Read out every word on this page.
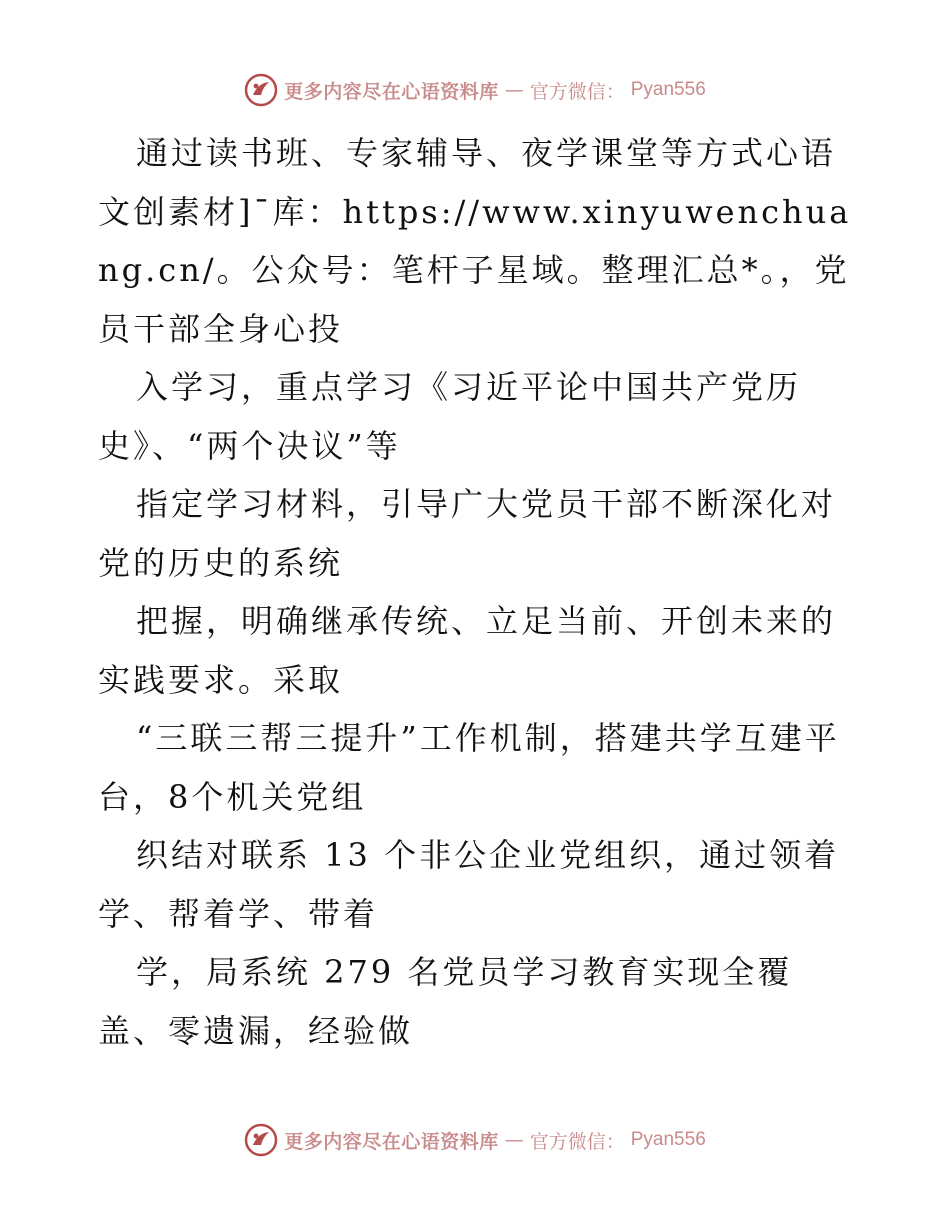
更多内容尽在心语资料库 — 官方微信： Pyan556

通过读书班、专家辅导、夜学课堂等方式心语文创素材]¯库：https://www.xinyuwenchuang.cn/。公众号：笔杆子星域。整理汇总*。，党员干部全身心投

入学习，重点学习《习近平论中国共产党历史》、“两个决议”等

指定学习材料，引导广大党员干部不断深化对党的历史的系统

把握，明确继承传统、立足当前、开创未来的实践要求。采取

“三联三帮三提升”工作机制，搭建共学互建平台，8个机关党组

织结对联系 13 个非公企业党组织，通过领着学、帮着学、带着

学，局系统 279 名党员学习教育实现全覆盖、零遗漏，经验做

更多内容尽在心语资料库 — 官方微信： Pyan556
